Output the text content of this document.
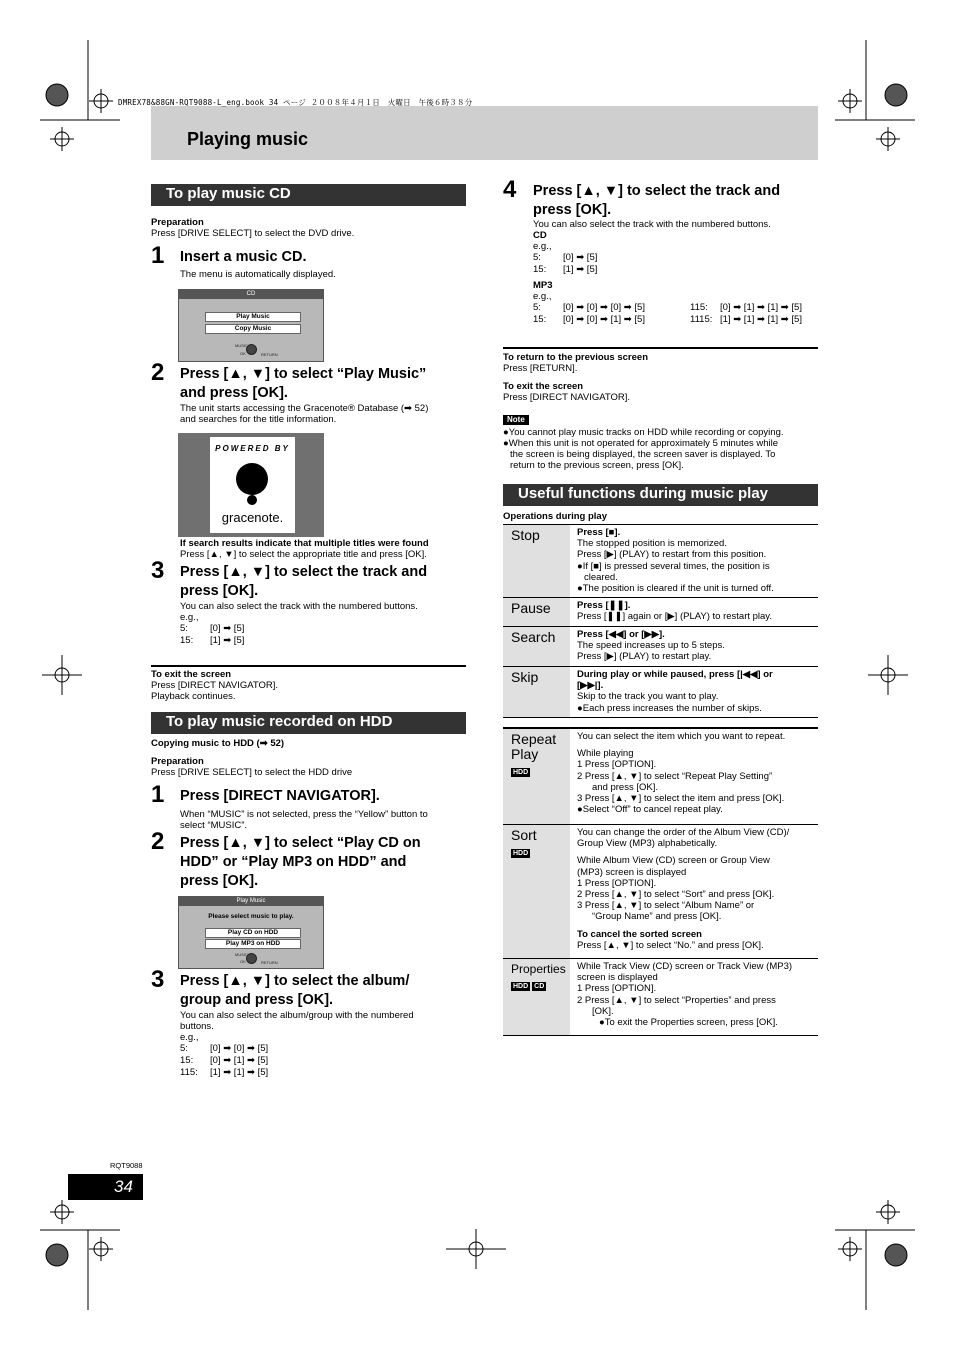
DMREX78&88GN-RQT9088-L_eng.book 34 ページ ２００８年４月１日　火曜日　午後６時３８分
Playing music
To play music CD
Preparation
Press [DRIVE SELECT] to select the DVD drive.
1 Insert a music CD.
The menu is automatically displayed.
CD
Play Music
Copy Music
MUSIC
OK	RETURN
2 Press [▲, ▼] to select “Play Music”
and press [OK].
The unit starts accessing the Gracenote® Database (➡ 52)
and searches for the title information.
POWERED BY
gracenote.
If search results indicate that multiple titles were found
Press [▲, ▼] to select the appropriate title and press [OK].
3 Press [▲, ▼] to select the track and
press [OK].
You can also select the track with the numbered buttons.
e.g.,
5:	[0] ➡ [5]
15:	[1] ➡ [5]
To exit the screen
Press [DIRECT NAVIGATOR].
Playback continues.
To play music recorded on HDD
Copying music to HDD (➡ 52)
Preparation
Press [DRIVE SELECT] to select the HDD drive
1 Press [DIRECT NAVIGATOR].
When “MUSIC” is not selected, press the “Yellow” button to
select “MUSIC”.
2 Press [▲, ▼] to select “Play CD on
HDD” or “Play MP3 on HDD” and
press [OK].
Play Music
Please select music to play.
Play CD on HDD
Play MP3 on HDD
MUSIC
OK	RETURN
3 Press [▲, ▼] to select the album/
group and press [OK].
You can also select the album/group with the numbered
buttons.
e.g.,
5:	[0] ➡ [0] ➡ [5]
15:	[0] ➡ [1] ➡ [5]
115:	[1] ➡ [1] ➡ [5]
4 Press [▲, ▼] to select the track and
press [OK].
You can also select the track with the numbered buttons.
CD
e.g.,
5:	[0] ➡ [5]
15:	[1] ➡ [5]
MP3
e.g.,
5:	[0] ➡ [0] ➡ [0] ➡ [5]
15:	[0] ➡ [0] ➡ [1] ➡ [5]
115:	[0] ➡ [1] ➡ [1] ➡ [5]
1115: [1] ➡ [1] ➡ [1] ➡ [5]
To return to the previous screen
Press [RETURN].
To exit the screen
Press [DIRECT NAVIGATOR].
Note
●You cannot play music tracks on HDD while recording or copying.
●When this unit is not operated for approximately 5 minutes while
the screen is being displayed, the screen saver is displayed. To
return to the previous screen, press [OK].
Useful functions during music play
Operations during play
Stop	Press [■].
The stopped position is memorized.
Press [▶] (PLAY) to restart from this position.
●If [■] is pressed several times, the position is
cleared.
●The position is cleared if the unit is turned off.
Pause	Press [❚❚].
Press [❚❚] again or [▶] (PLAY) to restart play.
Search	Press [◀◀] or [▶▶].
The speed increases up to 5 steps.
Press [▶] (PLAY) to restart play.
Skip	During play or while paused, press [|◀◀] or
[▶▶|].
Skip to the track you want to play.
●Each press increases the number of skips.
Repeat
Play
HDD
You can select the item which you want to repeat.
While playing
1 Press [OPTION].
2 Press [▲, ▼] to select “Repeat Play Setting”
and press [OK].
3 Press [▲, ▼] to select the item and press [OK].
●Select “Off” to cancel repeat play.
Sort
HDD
You can change the order of the Album View (CD)/
Group View (MP3) alphabetically.
While Album View (CD) screen or Group View
(MP3) screen is displayed
1 Press [OPTION].
2 Press [▲, ▼] to select “Sort” and press [OK].
3 Press [▲, ▼] to select “Album Name” or
“Group Name” and press [OK].
To cancel the sorted screen
Press [▲, ▼] to select “No.” and press [OK].
Properties
HDD CD
While Track View (CD) screen or Track View (MP3)
screen is displayed
1 Press [OPTION].
2 Press [▲, ▼] to select “Properties” and press
[OK].
●To exit the Properties screen, press [OK].
RQT9088
34
